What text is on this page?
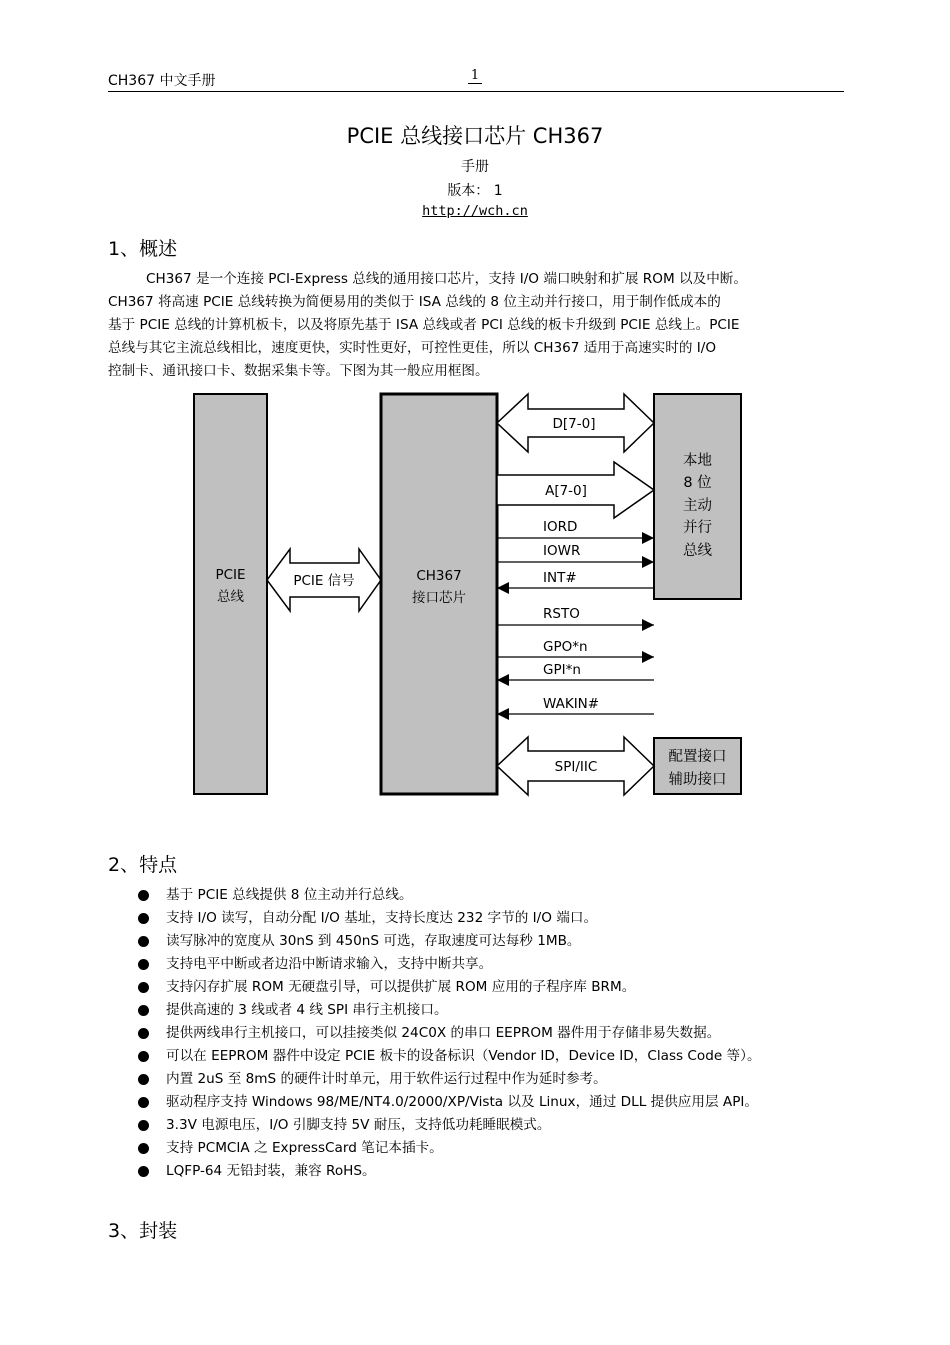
CH367 中文手册	1
PCIE 总线接口芯片 CH367
手册
版本： 1
http://wch.cn
1、概述

CH367 是一个连接 PCI-Express 总线的通用接口芯片，支持 I/O 端口映射和扩展 ROM 以及中断。

CH367 将高速 PCIE 总线转换为简便易用的类似于 ISA 总线的 8 位主动并行接口，用于制作低成本的

基于 PCIE 总线的计算机板卡，以及将原先基于 ISA 总线或者 PCI 总线的板卡升级到 PCIE 总线上。PCIE

总线与其它主流总线相比，速度更快，实时性更好，可控性更佳，所以 CH367 适用于高速实时的 I/O

控制卡、通讯接口卡、数据采集卡等。下图为其一般应用框图。

PCIE
总线
PCIE 信号	CH367
接口芯片
本地
8 位
主动
并行
总线
配置接口
辅助接口
D[7-0]
A[7-0]
IORD
IOWR
INT#
RSTO
GPO*n
GPI*n
WAKIN#
SPI/IIC
2、特点
基于 PCIE 总线提供 8 位主动并行总线。
支持 I/O 读写，自动分配 I/O 基址，支持长度达 232 字节的 I/O 端口。
读写脉冲的宽度从 30nS 到 450nS 可选，存取速度可达每秒 1MB。
支持电平中断或者边沿中断请求输入，支持中断共享。
支持闪存扩展 ROM 无硬盘引导，可以提供扩展 ROM 应用的子程序库 BRM。
提供高速的 3 线或者 4 线 SPI 串行主机接口。
提供两线串行主机接口，可以挂接类似 24C0X 的串口 EEPROM 器件用于存储非易失数据。
可以在 EEPROM 器件中设定 PCIE 板卡的设备标识（Vendor ID，Device ID，Class Code 等）。
内置 2uS 至 8mS 的硬件计时单元，用于软件运行过程中作为延时参考。
驱动程序支持 Windows 98/ME/NT4.0/2000/XP/Vista 以及 Linux，通过 DLL 提供应用层 API。
3.3V 电源电压，I/O 引脚支持 5V 耐压，支持低功耗睡眠模式。
支持 PCMCIA 之 ExpressCard 笔记本插卡。
LQFP-64 无铅封装，兼容 RoHS。
3、封装
